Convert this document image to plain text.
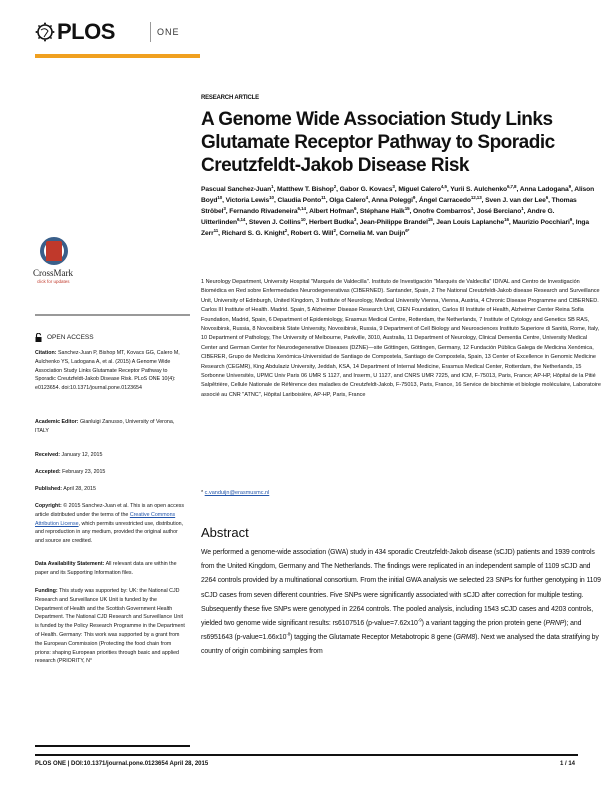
PLOS	ONE
CrossMark
click for updates
OPEN ACCESS
Citation: Sanchez-Juan P, Bishop MT, Kovacs GG, Calero M, Aulchenko YS, Ladogana A, et al. (2015) A Genome Wide Association Study Links Glutamate Receptor Pathway to Sporadic Creutzfeldt-Jakob Disease Risk. PLoS ONE 10(4): e0123654. doi:10.1371/journal.pone.0123654
Academic Editor: Gianluigi Zanusso, University of Verona, ITALY
Received: January 12, 2015
Accepted: February 23, 2015
Published: April 28, 2015
Copyright: © 2015 Sanchez-Juan et al. This is an open access article distributed under the terms of the Creative Commons Attribution License, which permits unrestricted use, distribution, and reproduction in any medium, provided the original author and source are credited.
Data Availability Statement: All relevant data are within the paper and its Supporting Information files.
Funding: This study was supported by: UK: the National CJD Research and Surveillance UK Unit is funded by the Department of Health and the Scottish Government Health Department. The National CJD Research and Surveillance Unit is funded by the Policy Research Programme in the Department of Health. Germany: This work was supported by a grant from the European Commission (Protecting the food chain from prions: shaping European priorities through basic and applied research (PRIORITY, N°
RESEARCH ARTICLE
A Genome Wide Association Study Links Glutamate Receptor Pathway to Sporadic Creutzfeldt-Jakob Disease Risk
Pascual Sanchez-Juan$^1$, Matthew T. Bishop$^2$, Gabor G. Kovacs$^3$, Miguel Calero$^{4,5}$, Yurii S. Aulchenko$^{6,7,8}$, Anna Ladogana$^9$, Alison Boyd$^{10}$, Victoria Lewis$^{10}$, Claudia Ponto$^{11}$, Olga Calero$^4$, Anna Poleggi$^9$, Ángel Carracedo$^{12,13}$, Sven J. van der Lee$^6$, Thomas Ströbel$^3$, Fernando Rivadeneira$^{6,14}$, Albert Hofman$^6$, Stéphane Haïk$^{15}$, Onofre Combarros$^1$, José Berciano$^1$, Andre G. Uitterlinden$^{6,14}$, Steven J. Collins$^{10}$, Herbert Budka$^3$, Jean-Philippe Brandel$^{15}$, Jean Louis Laplanche$^{16}$, Maurizio Pocchiari$^9$, Inga Zerr$^{11}$, Richard S. G. Knight$^2$, Robert G. Will$^2$, Cornelia M. van Duijn$^{6*}$
1 Neurology Department, University Hospital "Marqués de Valdecilla". Instituto de Investigación "Marqués de Valdecilla" IDIVAL and Centro de Investigación Biomédica en Red sobre Enfermedades Neurodegenerativas (CIBERNED). Santander, Spain, 2 The National Creutzfeldt-Jakob disease Research and Surveillance Unit, University of Edinburgh, United Kingdom, 3 Institute of Neurology, Medical University Vienna, Vienna, Austria, 4 Chronic Disease Programme and CIBERNED. Carlos III Institute of Health. Madrid. Spain, 5 Alzheimer Disease Research Unit, CIEN Foundation, Carlos III Institute of Health, Alzheimer Center Reina Sofia Foundation, Madrid, Spain, 6 Department of Epidemiology, Erasmus Medical Centre, Rotterdam, the Netherlands, 7 Institute of Cytology and Genetics SB RAS, Novosibirsk, Russia, 8 Novosibirsk State University, Novosibirsk, Russia, 9 Department of Cell Biology and Neurosciences Instituto Superiore di Sanità, Rome, Italy, 10 Department of Pathology, The University of Melbourne, Parkville, 3010, Australia, 11 Department of Neurology, Clinical Dementia Centre, University Medical Center and German Center for Neurodegenerative Diseases (DZNE)—site Göttingen, Göttingen, Germany, 12 Fundación Pública Galega de Medicina Xenómica, CIBERER, Grupo de Medicina Xenómica-Universidad de Santiago de Compostela, Santiago de Compostela, Spain, 13 Center of Excellence in Genomic Medicine Research (CEGMR), King Abdulaziz University, Jeddah, KSA, 14 Department of Internal Medicine, Erasmus Medical Center, Rotterdam, the Netherlands, 15 Sorbonne Universités, UPMC Univ Paris 06 UMR S 1127, and Inserm, U 1127, and CNRS UMR 7225, and ICM, F-75013, Paris, France; AP-HP, Hôpital de la Pitié Salpêtrière, Cellule Nationale de Référence des maladies de Creutzfeldt-Jakob, F-75013, Paris, France, 16 Service de biochimie et biologie moléculaire, Laboratoire associé au CNR "ATNC", Hôpital Lariboisière, AP-HP, Paris, France
* c.vanduijn@erasmusmc.nl
Abstract
We performed a genome-wide association (GWA) study in 434 sporadic Creutzfeldt-Jakob disease (sCJD) patients and 1939 controls from the United Kingdom, Germany and The Netherlands. The findings were replicated in an independent sample of 1109 sCJD and 2264 controls provided by a multinational consortium. From the initial GWA analysis we selected 23 SNPs for further genotyping in 1109 sCJD cases from seven different countries. Five SNPs were significantly associated with sCJD after correction for multiple testing. Subsequently these five SNPs were genotyped in 2264 controls. The pooled analysis, including 1543 sCJD cases and 4203 controls, yielded two genome wide significant results: rs6107516 $(p-value=7.62x10^{-9})$ a variant tagging the prion protein gene (PRNP); and rs6951643 $(p-value=1.66x10^{-8})$ tagging the Glutamate Receptor Metabotropic 8 gene (GRM8). Next we analysed the data stratifying by country of origin combining samples from
PLOS ONE | DOI:10.1371/journal.pone.0123654 April 28, 2015	1 / 14
